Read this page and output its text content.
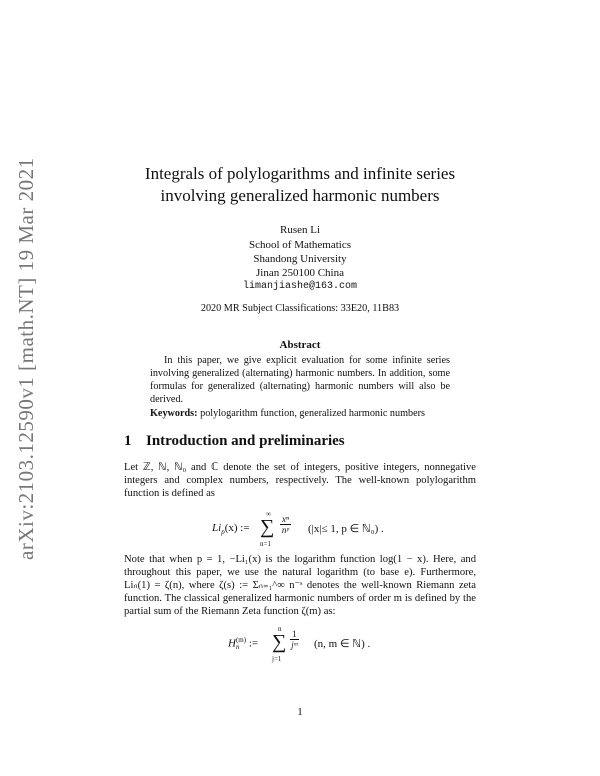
arXiv:2103.12590v1 [math.NT] 19 Mar 2021	Integrals of polylogarithms and infinite series
involving generalized harmonic numbers
Rusen Li
School of Mathematics
Shandong University
Jinan 250100 China
limanjiashe@163.com
2020 MR Subject Classifications: 33E20, 11B83
Abstract

In this paper, we give explicit evaluation for some infinite series involving generalized (alternating) harmonic numbers. In addition, some formulas for generalized (alternating) harmonic numbers will also be derived.

Keywords: polylogarithm function, generalized harmonic numbers
1 Introduction and preliminaries

Let ℤ, ℕ, ℕ₀ and ℂ denote the set of integers, positive integers, nonnegative integers and complex numbers, respectively. The well-known polylogarithm function is defined as

$Li_p(x)$ :=
∞
∑
n=1
$\frac{\text{xⁿ}}{\text{nᵖ}} (|x|\le 1$, p ∈ ℕ₀) .

Note that when p = 1, −Li₁(x) is the logarithm function log(1 − x). Here, and throughout this paper, we use the natural logarithm (to base e). Furthermore, Liₙ(1) = ζ(n), where ζ(s) := Σₙ₌₁^∞ n⁻ˢ denotes the well-known Riemann zeta function. The classical generalized harmonic numbers of order m is defined by the partial sum of the Riemann Zeta function ζ(m) as:

H (m)
n :=
n
∑
j=1
$\frac{1}{\text{jᵐ}} (n$, m ∈ ℕ) .
1
